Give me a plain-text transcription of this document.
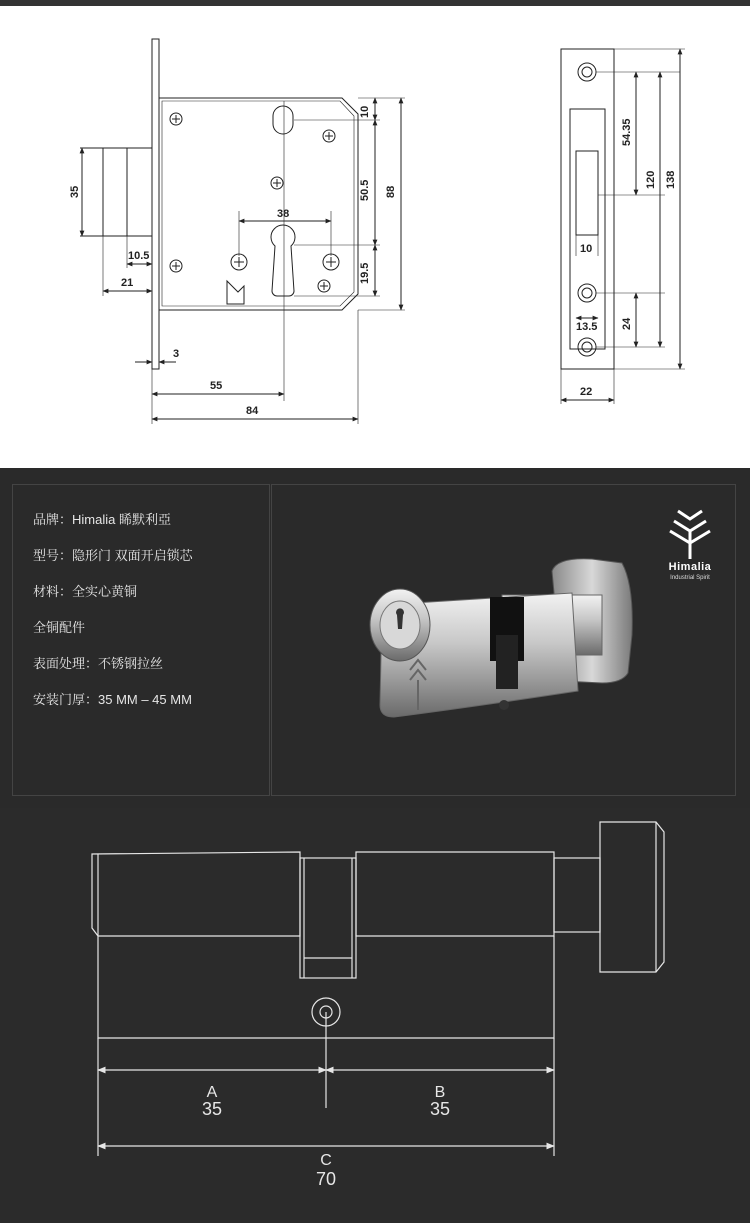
10
50.5 88
19.5
38
35
10.5
21
3
55
84
54.35
120 138
10
13.5 24
22
品牌：Himalia 睎默利亞
型号：隐形门 双面开启锁芯
材料：全实心黄铜
全铜配件
表面处理：不锈钢拉丝
安装门厚：35 MM – 45 MM
Himalia
Industrial Spirit
A
35
B
35
C
70
